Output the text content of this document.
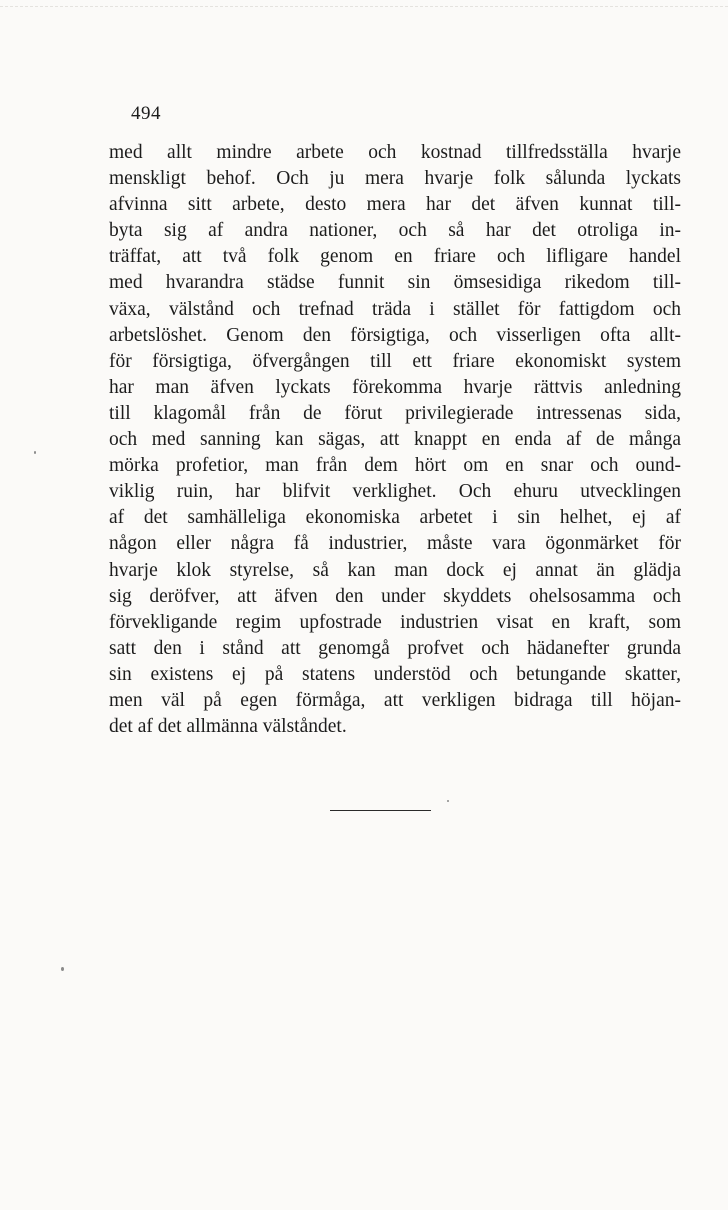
494
med allt mindre arbete och kostnad tillfredsställa hvarje
menskligt behof. Och ju mera hvarje folk sålunda lyckats
afvinna sitt arbete, desto mera har det äfven kunnat till-
byta sig af andra nationer, och så har det otroliga in-
träffat, att två folk genom en friare och lifligare handel
med hvarandra städse funnit sin ömsesidiga rikedom till-
växa, välstånd och trefnad träda i stället för fattigdom och
arbetslöshet. Genom den försigtiga, och visserligen ofta allt-
för försigtiga, öfvergången till ett friare ekonomiskt system
har man äfven lyckats förekomma hvarje rättvis anledning
till klagomål från de förut privilegierade intressenas sida,
och med sanning kan sägas, att knappt en enda af de många
mörka profetior, man från dem hört om en snar och ound-
viklig ruin, har blifvit verklighet. Och ehuru utvecklingen
af det samhälleliga ekonomiska arbetet i sin helhet, ej af
någon eller några få industrier, måste vara ögonmärket för
hvarje klok styrelse, så kan man dock ej annat än glädja
sig deröfver, att äfven den under skyddets ohelsosamma och
förvekligande regim upfostrade industrien visat en kraft, som
satt den i stånd att genomgå profvet och hädanefter grunda
sin existens ej på statens understöd och betungande skatter,
men väl på egen förmåga, att verkligen bidraga till höjan-
det af det allmänna välståndet.
